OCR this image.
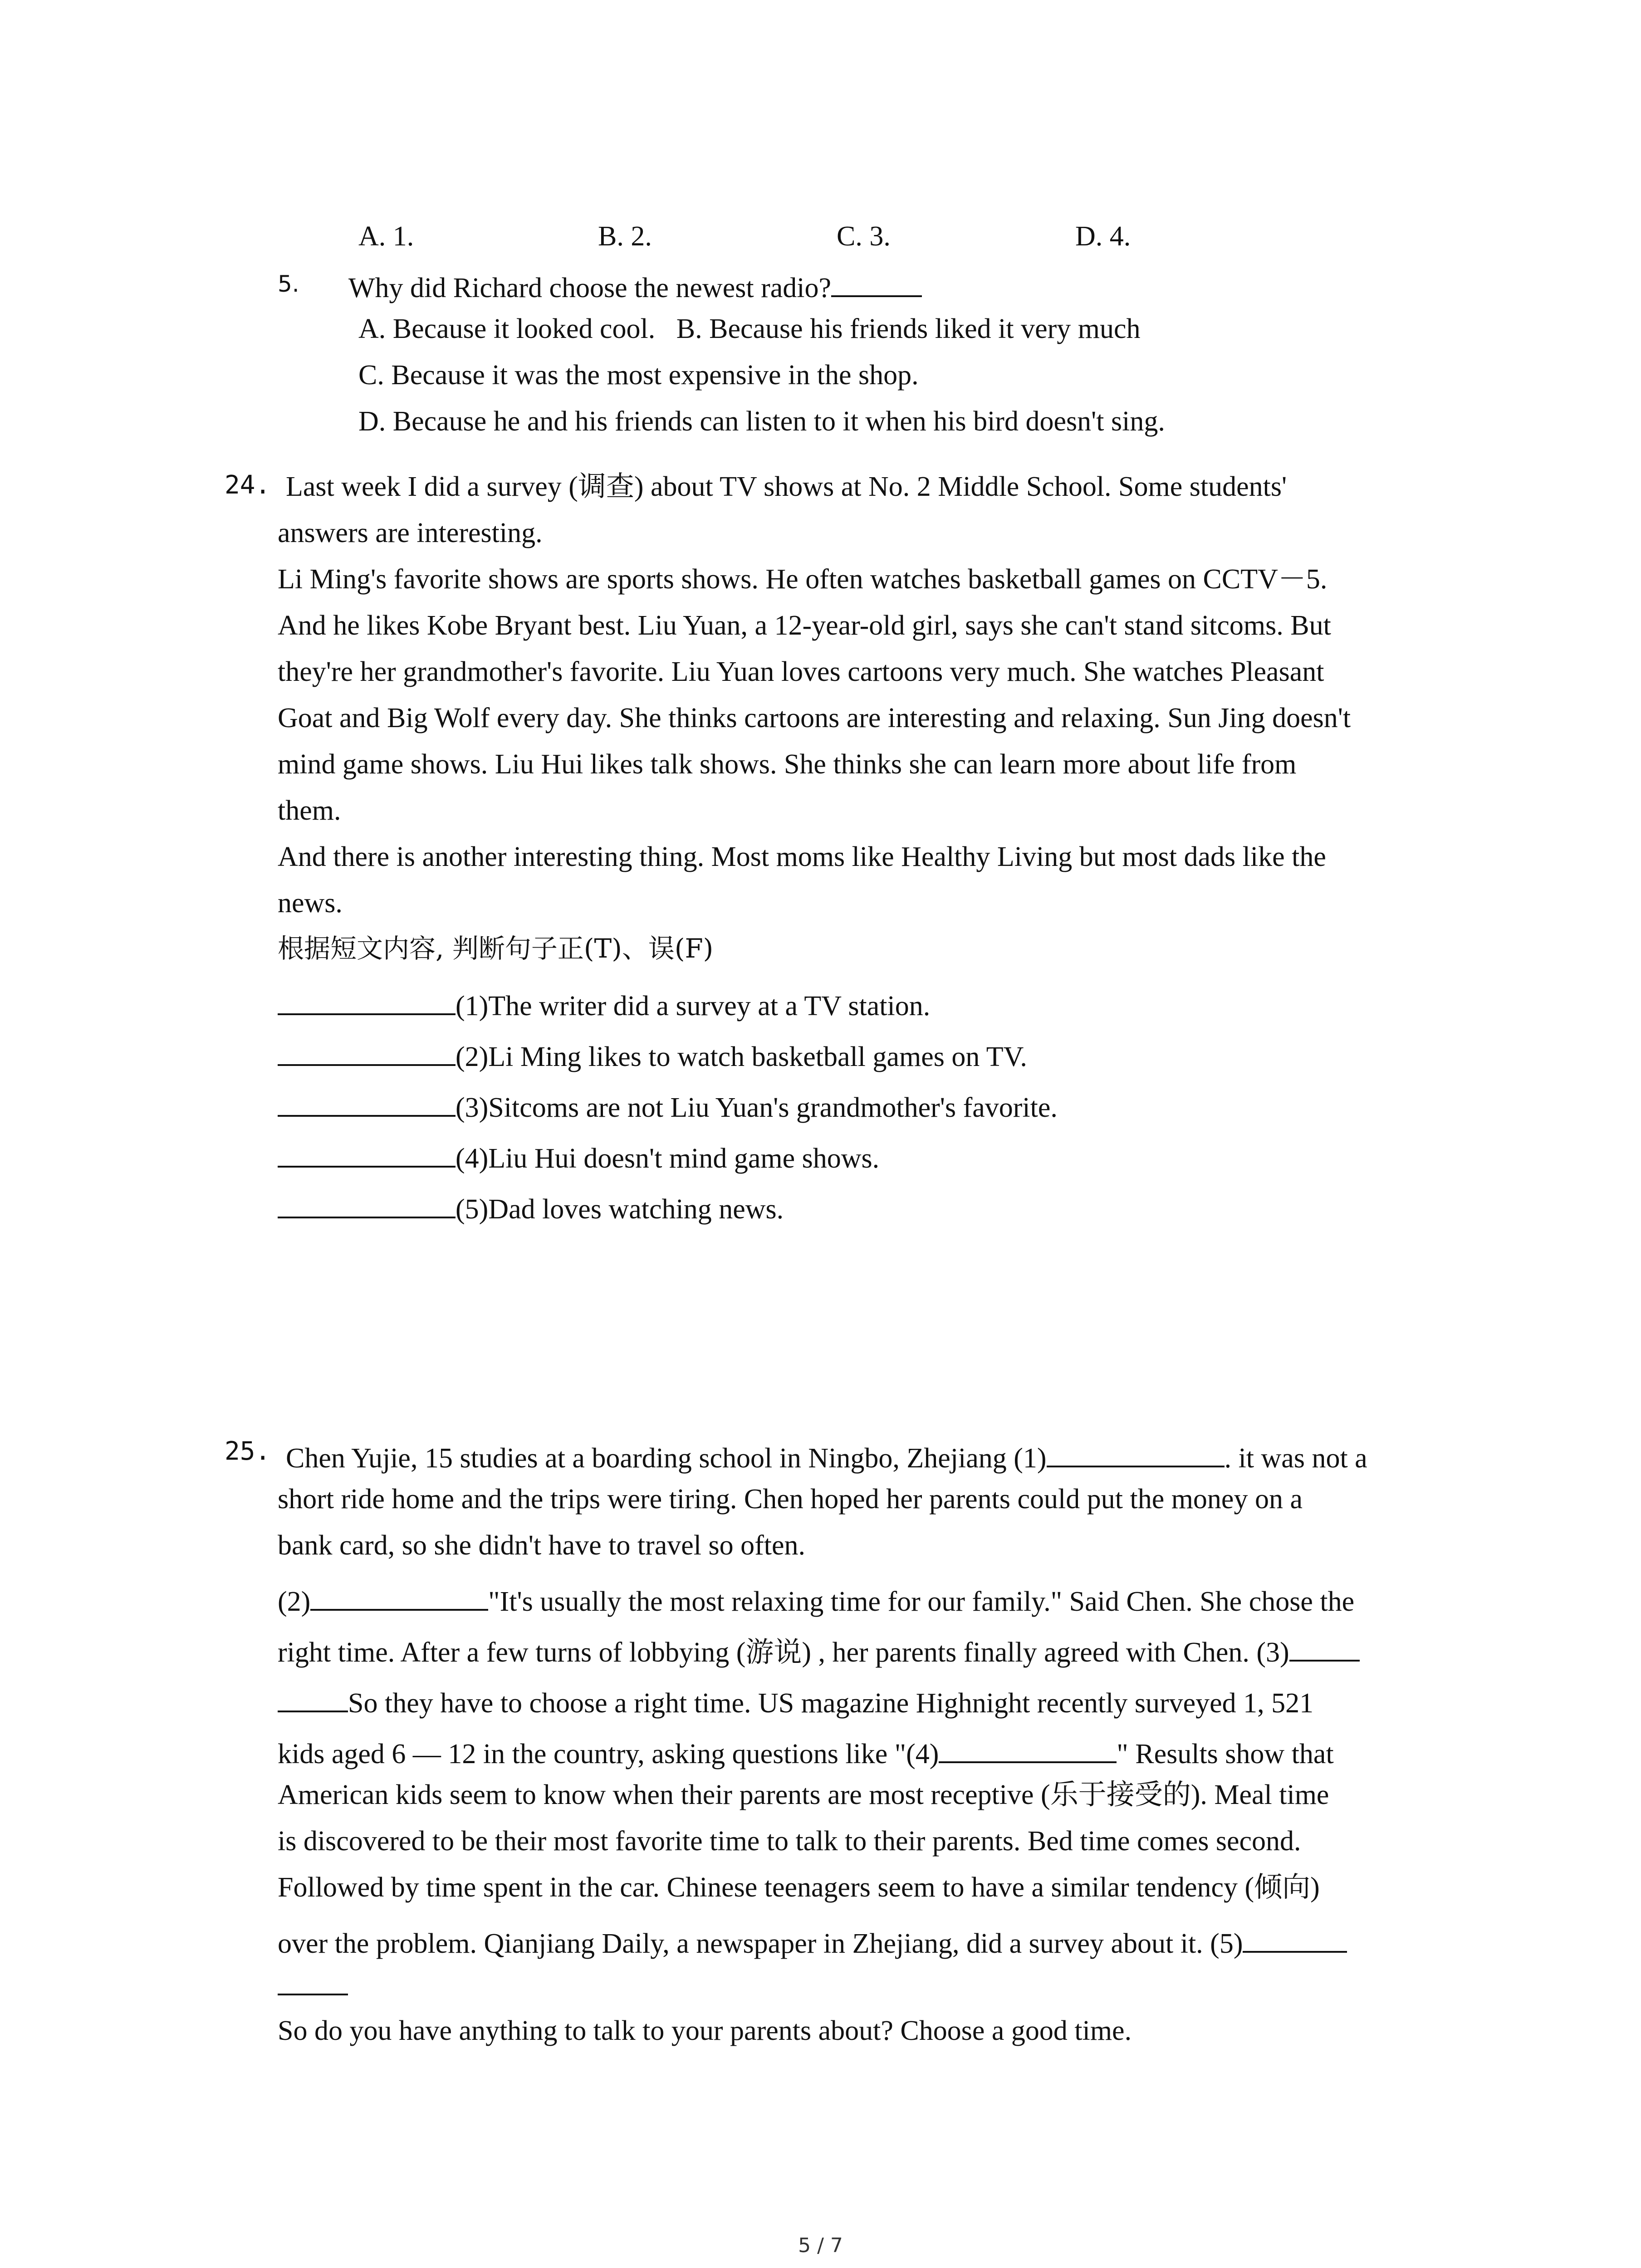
A. 1.	B. 2.	C. 3.	D. 4.
5. Why did Richard choose the newest radio?
A. Because it looked cool. B. Because his friends liked it very much
C. Because it was the most expensive in the shop.
D. Because he and his friends can listen to it when his bird doesn't sing.
24. Last week I did a survey (调查) about TV shows at No. 2 Middle School. Some students'
answers are interesting.
Li Ming's favorite shows are sports shows. He often watches basketball games on CCTV－5.
And he likes Kobe Bryant best. Liu Yuan, a 12-year-old girl, says she can't stand sitcoms. But
they're her grandmother's favorite. Liu Yuan loves cartoons very much. She watches Pleasant
Goat and Big Wolf every day. She thinks cartoons are interesting and relaxing. Sun Jing doesn't
mind game shows. Liu Hui likes talk shows. She thinks she can learn more about life from
them.
And there is another interesting thing. Most moms like Healthy Living but most dads like the
news.
根据短文内容, 判断句子正(T)、误(F)
(1)The writer did a survey at a TV station.
(2)Li Ming likes to watch basketball games on TV.
(3)Sitcoms are not Liu Yuan's grandmother's favorite.
(4)Liu Hui doesn't mind game shows.
(5)Dad loves watching news.
25. Chen Yujie, 15 studies at a boarding school in Ningbo, Zhejiang (1)	. it was not a
short ride home and the trips were tiring. Chen hoped her parents could put the money on a
bank card, so she didn't have to travel so often.
(2)	"It's usually the most relaxing time for our family." Said Chen. She chose the
right time. After a few turns of lobbying (游说) , her parents finally agreed with Chen. (3)
So they have to choose a right time. US magazine Highnight recently surveyed 1, 521
kids aged 6 — 12 in the country, asking questions like "(4)	" Results show that
American kids seem to know when their parents are most receptive (乐于接受的). Meal time
is discovered to be their most favorite time to talk to their parents. Bed time comes second.
Followed by time spent in the car. Chinese teenagers seem to have a similar tendency (倾向)
over the problem. Qianjiang Daily, a newspaper in Zhejiang, did a survey about it. (5)
So do you have anything to talk to your parents about? Choose a good time.
5 / 7
